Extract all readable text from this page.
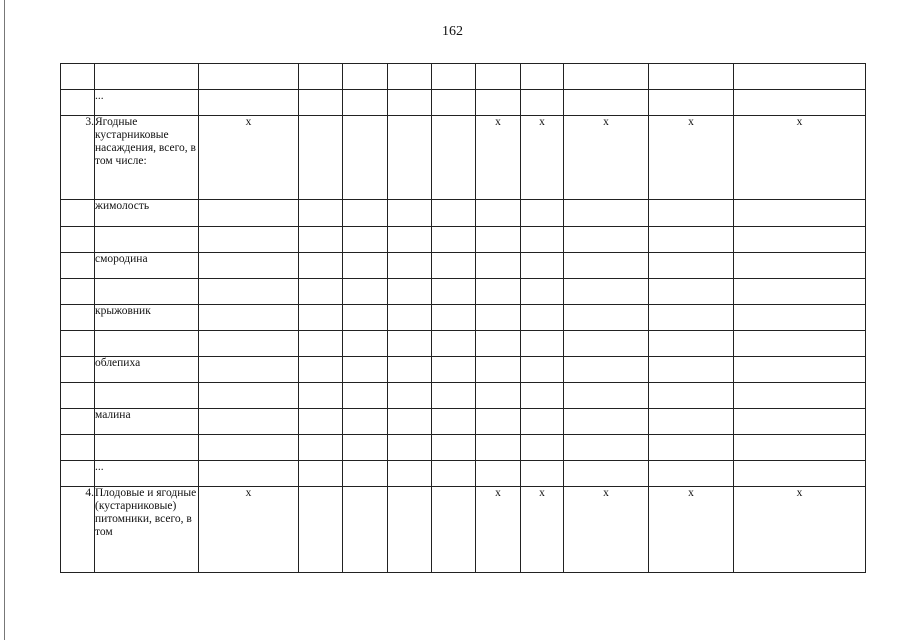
162

	...										
3.	Ягодные кустарниковые насаждения, всего, в том числе:	х					х	х	х	х	х
	жимолость										

	смородина										

	крыжовник										

	облепиха										

	малина										

	...										
4.	Плодовые и ягодные (кустарниковые) питомники, всего, в том	х					х	х	х	х	х
